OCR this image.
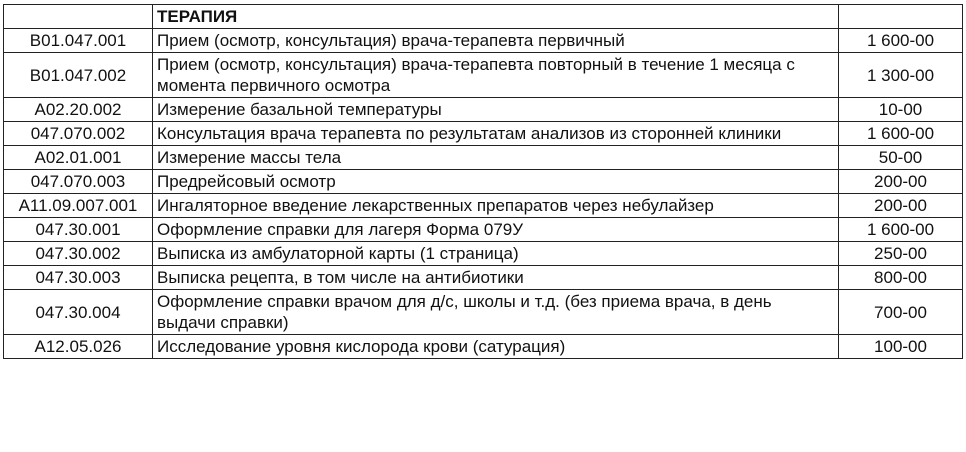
	ТЕРАПИЯ	
B01.047.001	Прием (осмотр, консультация) врача-терапевта первичный	1 600-00
B01.047.002	Прием (осмотр, консультация) врача-терапевта повторный в течение 1 месяца с момента первичного осмотра	1 300-00
A02.20.002	Измерение базальной температуры	10-00
047.070.002	Консультация врача терапевта по результатам анализов из сторонней клиники	1 600-00
A02.01.001	Измерение массы тела	50-00
047.070.003	Предрейсовый осмотр	200-00
A11.09.007.001	Ингаляторное введение лекарственных препаратов через небулайзер	200-00
047.30.001	Оформление справки для лагеря Форма 079У	1 600-00
047.30.002	Выписка из амбулаторной карты (1 страница)	250-00
047.30.003	Выписка рецепта, в том числе на антибиотики	800-00
047.30.004	Оформление справки врачом для д/с, школы и т.д. (без приема врача, в день выдачи справки)	700-00
A12.05.026	Исследование уровня кислорода крови (сатурация)	100-00
